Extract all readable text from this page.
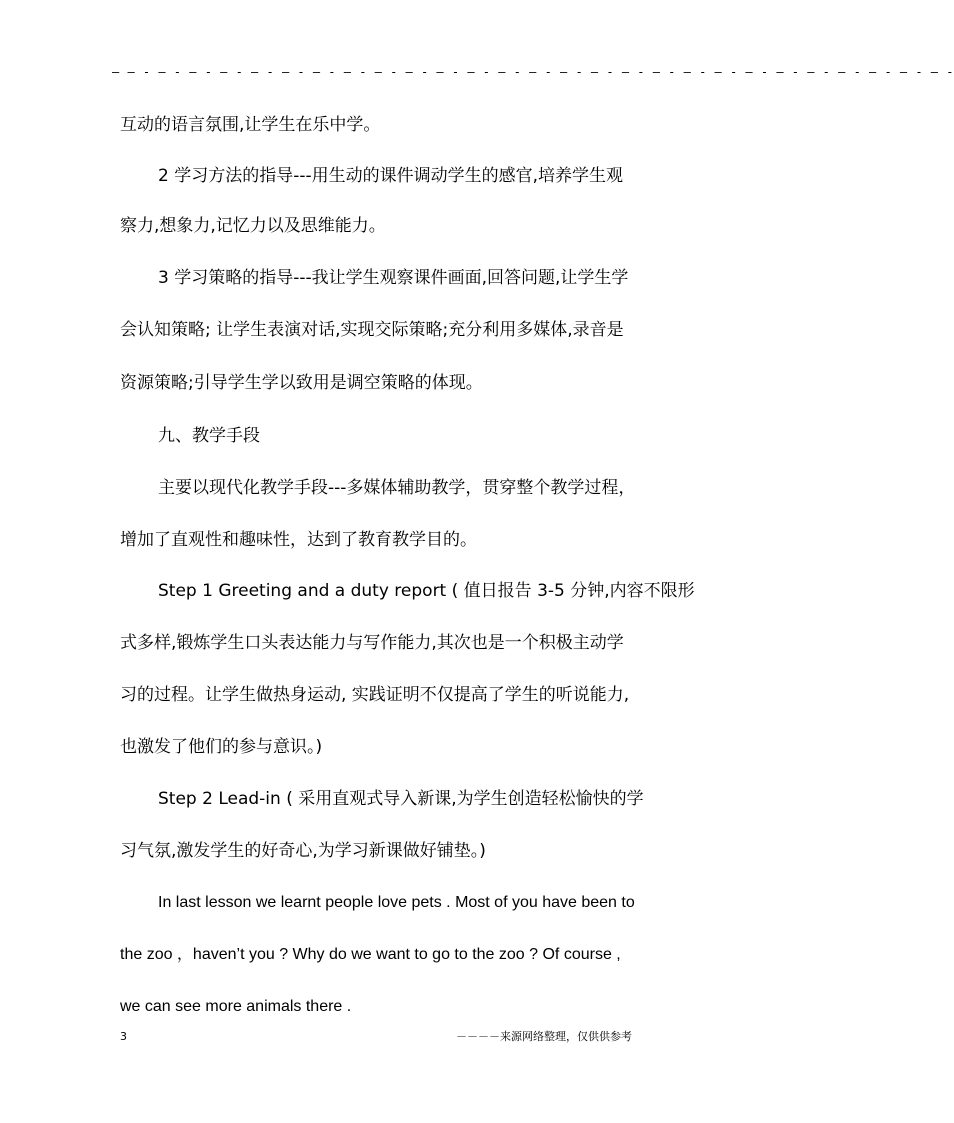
– – - – - – - – - – - – - – - – - – - – - – - – - – - – - – - – - – - – - – - – - – - – - – - – - – - – - – -
互动的语言氛围,让学生在乐中学。
2 学习方法的指导---用生动的课件调动学生的感官,培养学生观
察力,想象力,记忆力以及思维能力。
3 学习策略的指导---我让学生观察课件画面,回答问题,让学生学
会认知策略; 让学生表演对话,实现交际策略;充分利用多媒体,录音是
资源策略;引导学生学以致用是调空策略的体现。
九、教学手段
主要以现代化教学手段---多媒体辅助教学，贯穿整个教学过程，
增加了直观性和趣味性，达到了教育教学目的。
Step 1 Greeting and a duty report ( 值日报告 3-5 分钟,内容不限形
式多样,锻炼学生口头表达能力与写作能力,其次也是一个积极主动学
习的过程。让学生做热身运动, 实践证明不仅提高了学生的听说能力,
也激发了他们的参与意识。)
Step 2 Lead-in ( 采用直观式导入新课,为学生创造轻松愉快的学
习气氛,激发学生的好奇心,为学习新课做好铺垫。)
In last lesson we learnt people love pets . Most of you have been to
the zoo ，haven’t you ? Why do we want to go to the zoo ? Of course ,
we can see more animals there .
3	－－－－来源网络整理，仅供供参考
